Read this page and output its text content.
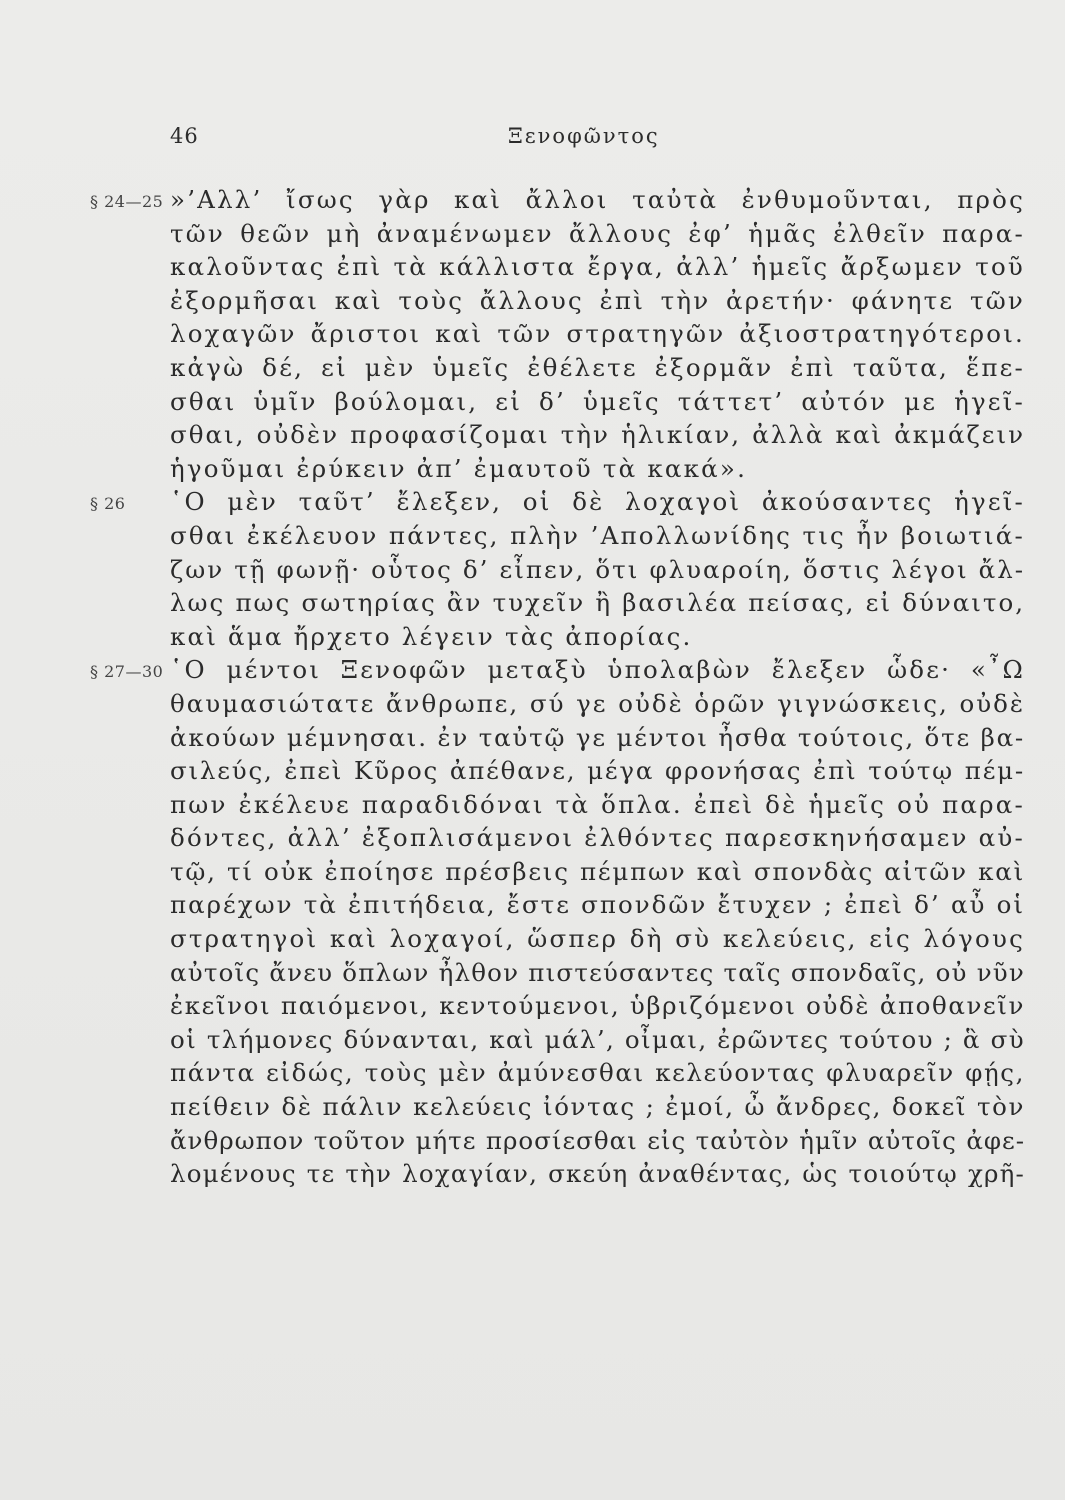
46	Ξενοφῶντος
§ 24—25 »’Αλλ’ ἴσως γὰρ καὶ ἄλλοι ταὐτὰ ἐνθυμοῦνται, πρὸς
τῶν θεῶν μὴ ἀναμένωμεν ἄλλους ἐφ’ ἡμᾶς ἐλθεῖν παρα-
καλοῦντας ἐπὶ τὰ κάλλιστα ἔργα, ἀλλ’ ἡμεῖς ἄρξωμεν τοῦ
ἐξορμῆσαι καὶ τοὺς ἄλλους ἐπὶ τὴν ἀρετήν· φάνητε τῶν
λοχαγῶν ἄριστοι καὶ τῶν στρατηγῶν ἀξιοστρατηγότεροι.
κἀγὼ δέ, εἰ μὲν ὑμεῖς ἐθέλετε ἐξορμᾶν ἐπὶ ταῦτα, ἕπε-
σθαι ὑμῖν βούλομαι, εἰ δ’ ὑμεῖς τάττετ’ αὐτόν με ἡγεῖ-
σθαι, οὐδὲν προφασίζομαι τὴν ἡλικίαν, ἀλλὰ καὶ ἀκμάζειν
ἡγοῦμαι ἐρύκειν ἀπ’ ἐμαυτοῦ τὰ κακά».
§ 26 ῾Ο μὲν ταῦτ’ ἔλεξεν, οἱ δὲ λοχαγοὶ ἀκούσαντες ἡγεῖ-
σθαι ἐκέλευον πάντες, πλὴν ’Απολλωνίδης τις ἦν βοιωτιά-
ζων τῇ φωνῇ· οὗτος δ’ εἶπεν, ὅτι φλυαροίη, ὅστις λέγοι ἄλ-
λως πως σωτηρίας ἂν τυχεῖν ἢ βασιλέα πείσας, εἰ δύναιτο,
καὶ ἅμα ἤρχετο λέγειν τὰς ἀπορίας.
§ 27—30 ῾Ο μέντοι Ξενοφῶν μεταξὺ ὑπολαβὼν ἔλεξεν ὧδε· «῏Ω
θαυμασιώτατε ἄνθρωπε, σύ γε οὐδὲ ὁρῶν γιγνώσκεις, οὐδὲ
ἀκούων μέμνησαι. ἐν ταὐτῷ γε μέντοι ἦσθα τούτοις, ὅτε βα-
σιλεύς, ἐπεὶ Κῦρος ἀπέθανε, μέγα φρονήσας ἐπὶ τούτῳ πέμ-
πων ἐκέλευε παραδιδόναι τὰ ὅπλα. ἐπεὶ δὲ ἡμεῖς οὐ παρα-
δόντες, ἀλλ’ ἐξοπλισάμενοι ἐλθόντες παρεσκηνήσαμεν αὐ-
τῷ, τί οὐκ ἐποίησε πρέσβεις πέμπων καὶ σπονδὰς αἰτῶν καὶ
παρέχων τὰ ἐπιτήδεια, ἔστε σπονδῶν ἔτυχεν ; ἐπεὶ δ’ αὖ οἱ
στρατηγοὶ καὶ λοχαγοί, ὥσπερ δὴ σὺ κελεύεις, εἰς λόγους
αὐτοῖς ἄνευ ὅπλων ἦλθον πιστεύσαντες ταῖς σπονδαῖς, οὐ νῦν
ἐκεῖνοι παιόμενοι, κεντούμενοι, ὑβριζόμενοι οὐδὲ ἀποθανεῖν
οἱ τλήμονες δύνανται, καὶ μάλ’, οἶμαι, ἐρῶντες τούτου ; ἃ σὺ
πάντα εἰδώς, τοὺς μὲν ἀμύνεσθαι κελεύοντας φλυαρεῖν φῄς,
πείθειν δὲ πάλιν κελεύεις ἰόντας ; ἐμοί, ὦ ἄνδρες, δοκεῖ τὸν
ἄνθρωπον τοῦτον μήτε προσίεσθαι εἰς ταὐτὸν ἡμῖν αὐτοῖς ἀφε-
λομένους τε τὴν λοχαγίαν, σκεύη ἀναθέντας, ὡς τοιούτῳ χρῆ-
